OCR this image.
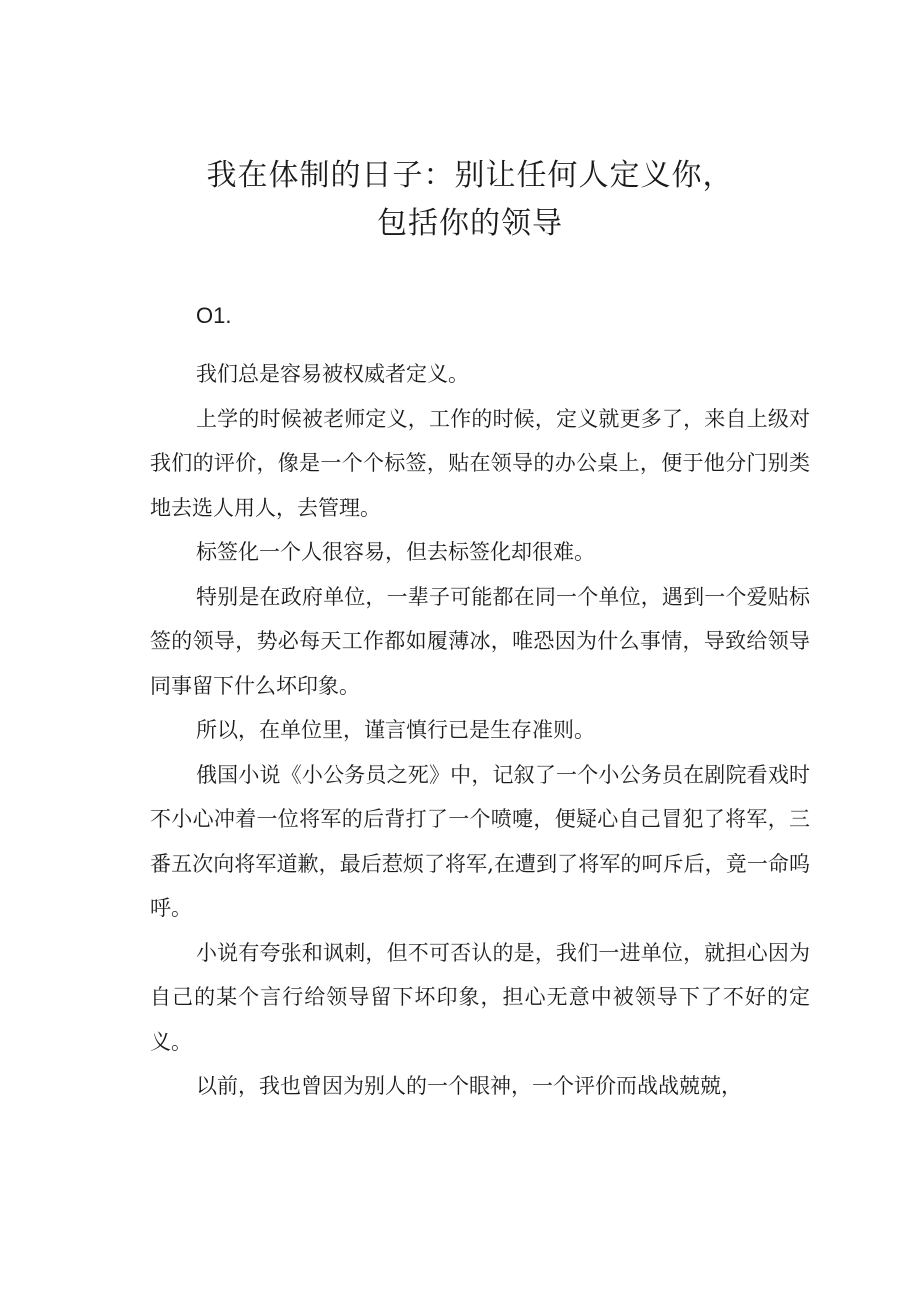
我在体制的日子：别让任何人定义你，
包括你的领导
O1.

我们总是容易被权威者定义。

上学的时候被老师定义，工作的时候，定义就更多了，来自上级对我们的评价，像是一个个标签，贴在领导的办公桌上，便于他分门别类地去选人用人，去管理。

标签化一个人很容易，但去标签化却很难。

特别是在政府单位，一辈子可能都在同一个单位，遇到一个爱贴标签的领导，势必每天工作都如履薄冰，唯恐因为什么事情，导致给领导同事留下什么坏印象。

所以，在单位里，谨言慎行已是生存准则。

俄国小说《小公务员之死》中，记叙了一个小公务员在剧院看戏时不小心冲着一位将军的后背打了一个喷嚏，便疑心自己冒犯了将军，三番五次向将军道歉，最后惹烦了将军,在遭到了将军的呵斥后，竟一命呜呼。

小说有夸张和讽刺，但不可否认的是，我们一进单位，就担心因为自己的某个言行给领导留下坏印象，担心无意中被领导下了不好的定义。

以前，我也曾因为别人的一个眼神，一个评价而战战兢兢，
